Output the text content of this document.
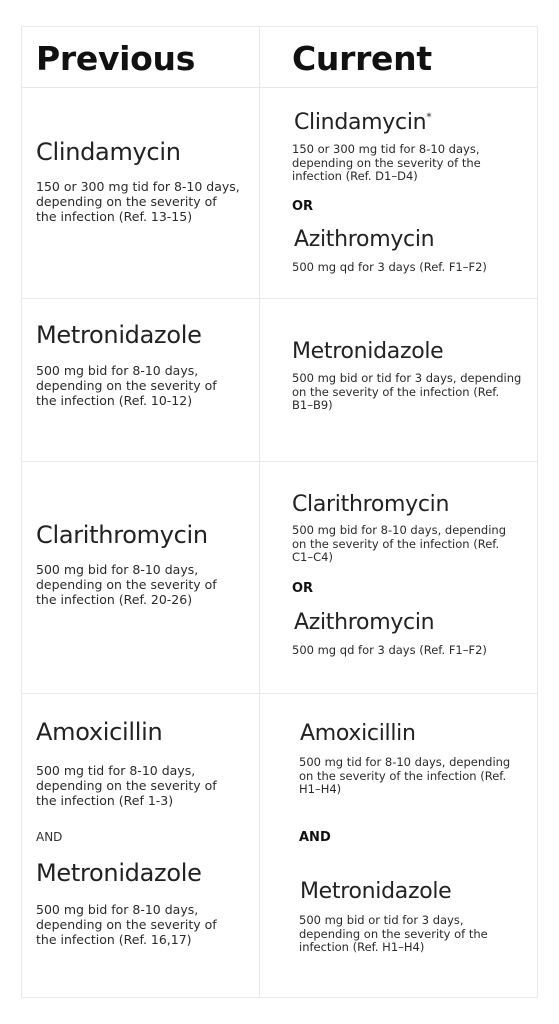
Previous	Current
Clindamycin
150 or 300 mg tid for 8-10 days, depending on the severity of the infection (Ref. 13-15)
Clindamycin*
150 or 300 mg tid for 8-10 days, depending on the severity of the infection (Ref. D1–D4)
OR
Azithromycin
500 mg qd for 3 days (Ref. F1–F2)
Metronidazole
500 mg bid for 8-10 days, depending on the severity of the infection (Ref. 10-12)
Metronidazole
500 mg bid or tid for 3 days, depending on the severity of the infection (Ref. B1–B9)
Clarithromycin
500 mg bid for 8-10 days, depending on the severity of the infection (Ref. 20-26)
Clarithromycin
500 mg bid for 8-10 days, depending on the severity of the infection (Ref. C1–C4)
OR
Azithromycin
500 mg qd for 3 days (Ref. F1–F2)
Amoxicillin
500 mg tid for 8-10 days, depending on the severity of the infection (Ref 1-3)
AND
Metronidazole
500 mg bid for 8-10 days, depending on the severity of the infection (Ref. 16,17)
Amoxicillin
500 mg tid for 8-10 days, depending on the severity of the infection (Ref. H1–H4)
AND
Metronidazole
500 mg bid or tid for 3 days, depending on the severity of the infection (Ref. H1–H4)
